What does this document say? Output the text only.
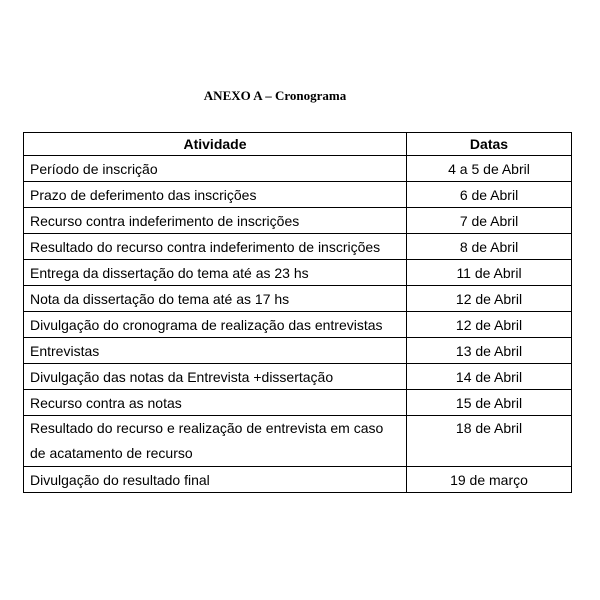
ANEXO A – Cronograma
Atividade	Datas
Período de inscrição	4 a 5 de Abril
Prazo de deferimento das inscrições	6 de Abril
Recurso contra indeferimento de inscrições	7 de Abril
Resultado do recurso contra indeferimento de inscrições	8 de Abril
Entrega da dissertação do tema até as 23 hs	11 de Abril
Nota da dissertação do tema até as 17 hs	12 de Abril
Divulgação do cronograma de realização das entrevistas	12 de Abril
Entrevistas	13 de Abril
Divulgação das notas da Entrevista +dissertação	14 de Abril
Recurso contra as notas	15 de Abril
Resultado do recurso e realização de entrevista em caso de acatamento de recurso	18 de Abril
Divulgação do resultado final	19 de março
